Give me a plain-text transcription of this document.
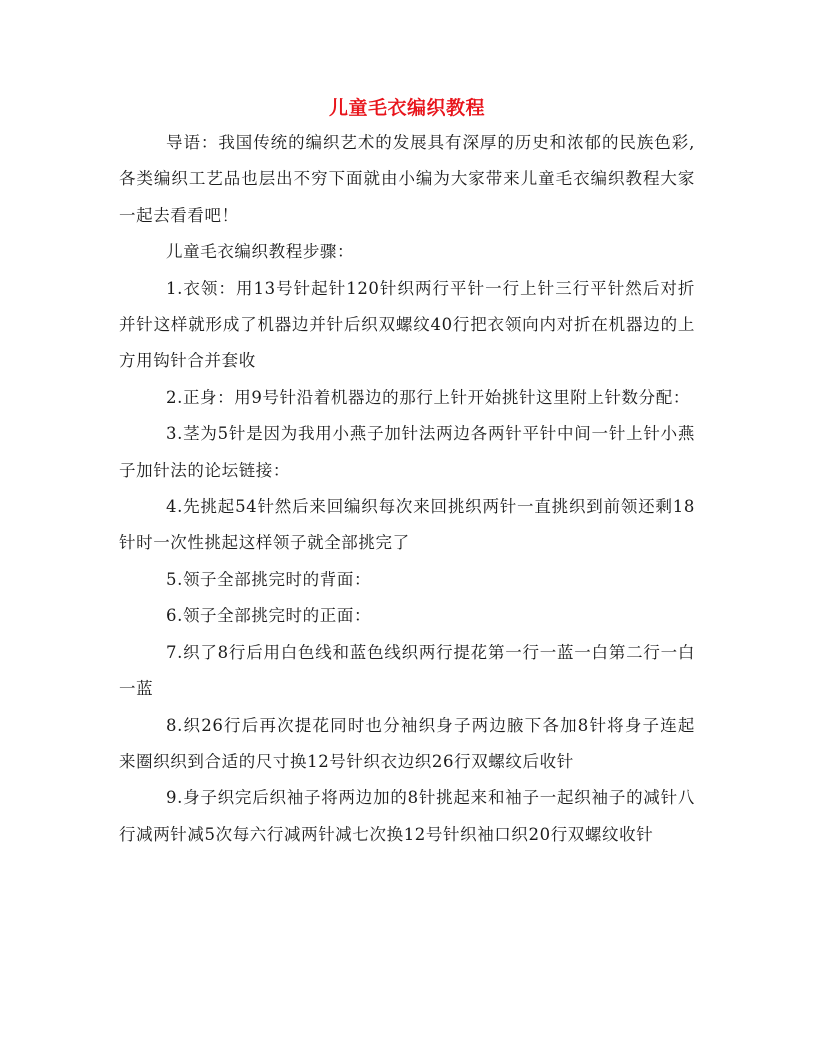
儿童毛衣编织教程

导语：我国传统的编织艺术的发展具有深厚的历史和浓郁的民族色彩,各类编织工艺品也层出不穷下面就由小编为大家带来儿童毛衣编织教程大家一起去看看吧！

儿童毛衣编织教程步骤：

1.衣领：用13号针起针120针织两行平针一行上针三行平针然后对折并针这样就形成了机器边并针后织双螺纹40行把衣领向内对折在机器边的上方用钩针合并套收

2.正身：用9号针沿着机器边的那行上针开始挑针这里附上针数分配：

3.茎为5针是因为我用小燕子加针法两边各两针平针中间一针上针小燕子加针法的论坛链接：

4.先挑起54针然后来回编织每次来回挑织两针一直挑织到前领还剩18针时一次性挑起这样领子就全部挑完了

5.领子全部挑完时的背面：

6.领子全部挑完时的正面：

7.织了8行后用白色线和蓝色线织两行提花第一行一蓝一白第二行一白一蓝

8.织26行后再次提花同时也分袖织身子两边腋下各加8针将身子连起来圈织织到合适的尺寸换12号针织衣边织26行双螺纹后收针

9.身子织完后织袖子将两边加的8针挑起来和袖子一起织袖子的减针八行减两针减5次每六行减两针减七次换12号针织袖口织20行双螺纹收针
